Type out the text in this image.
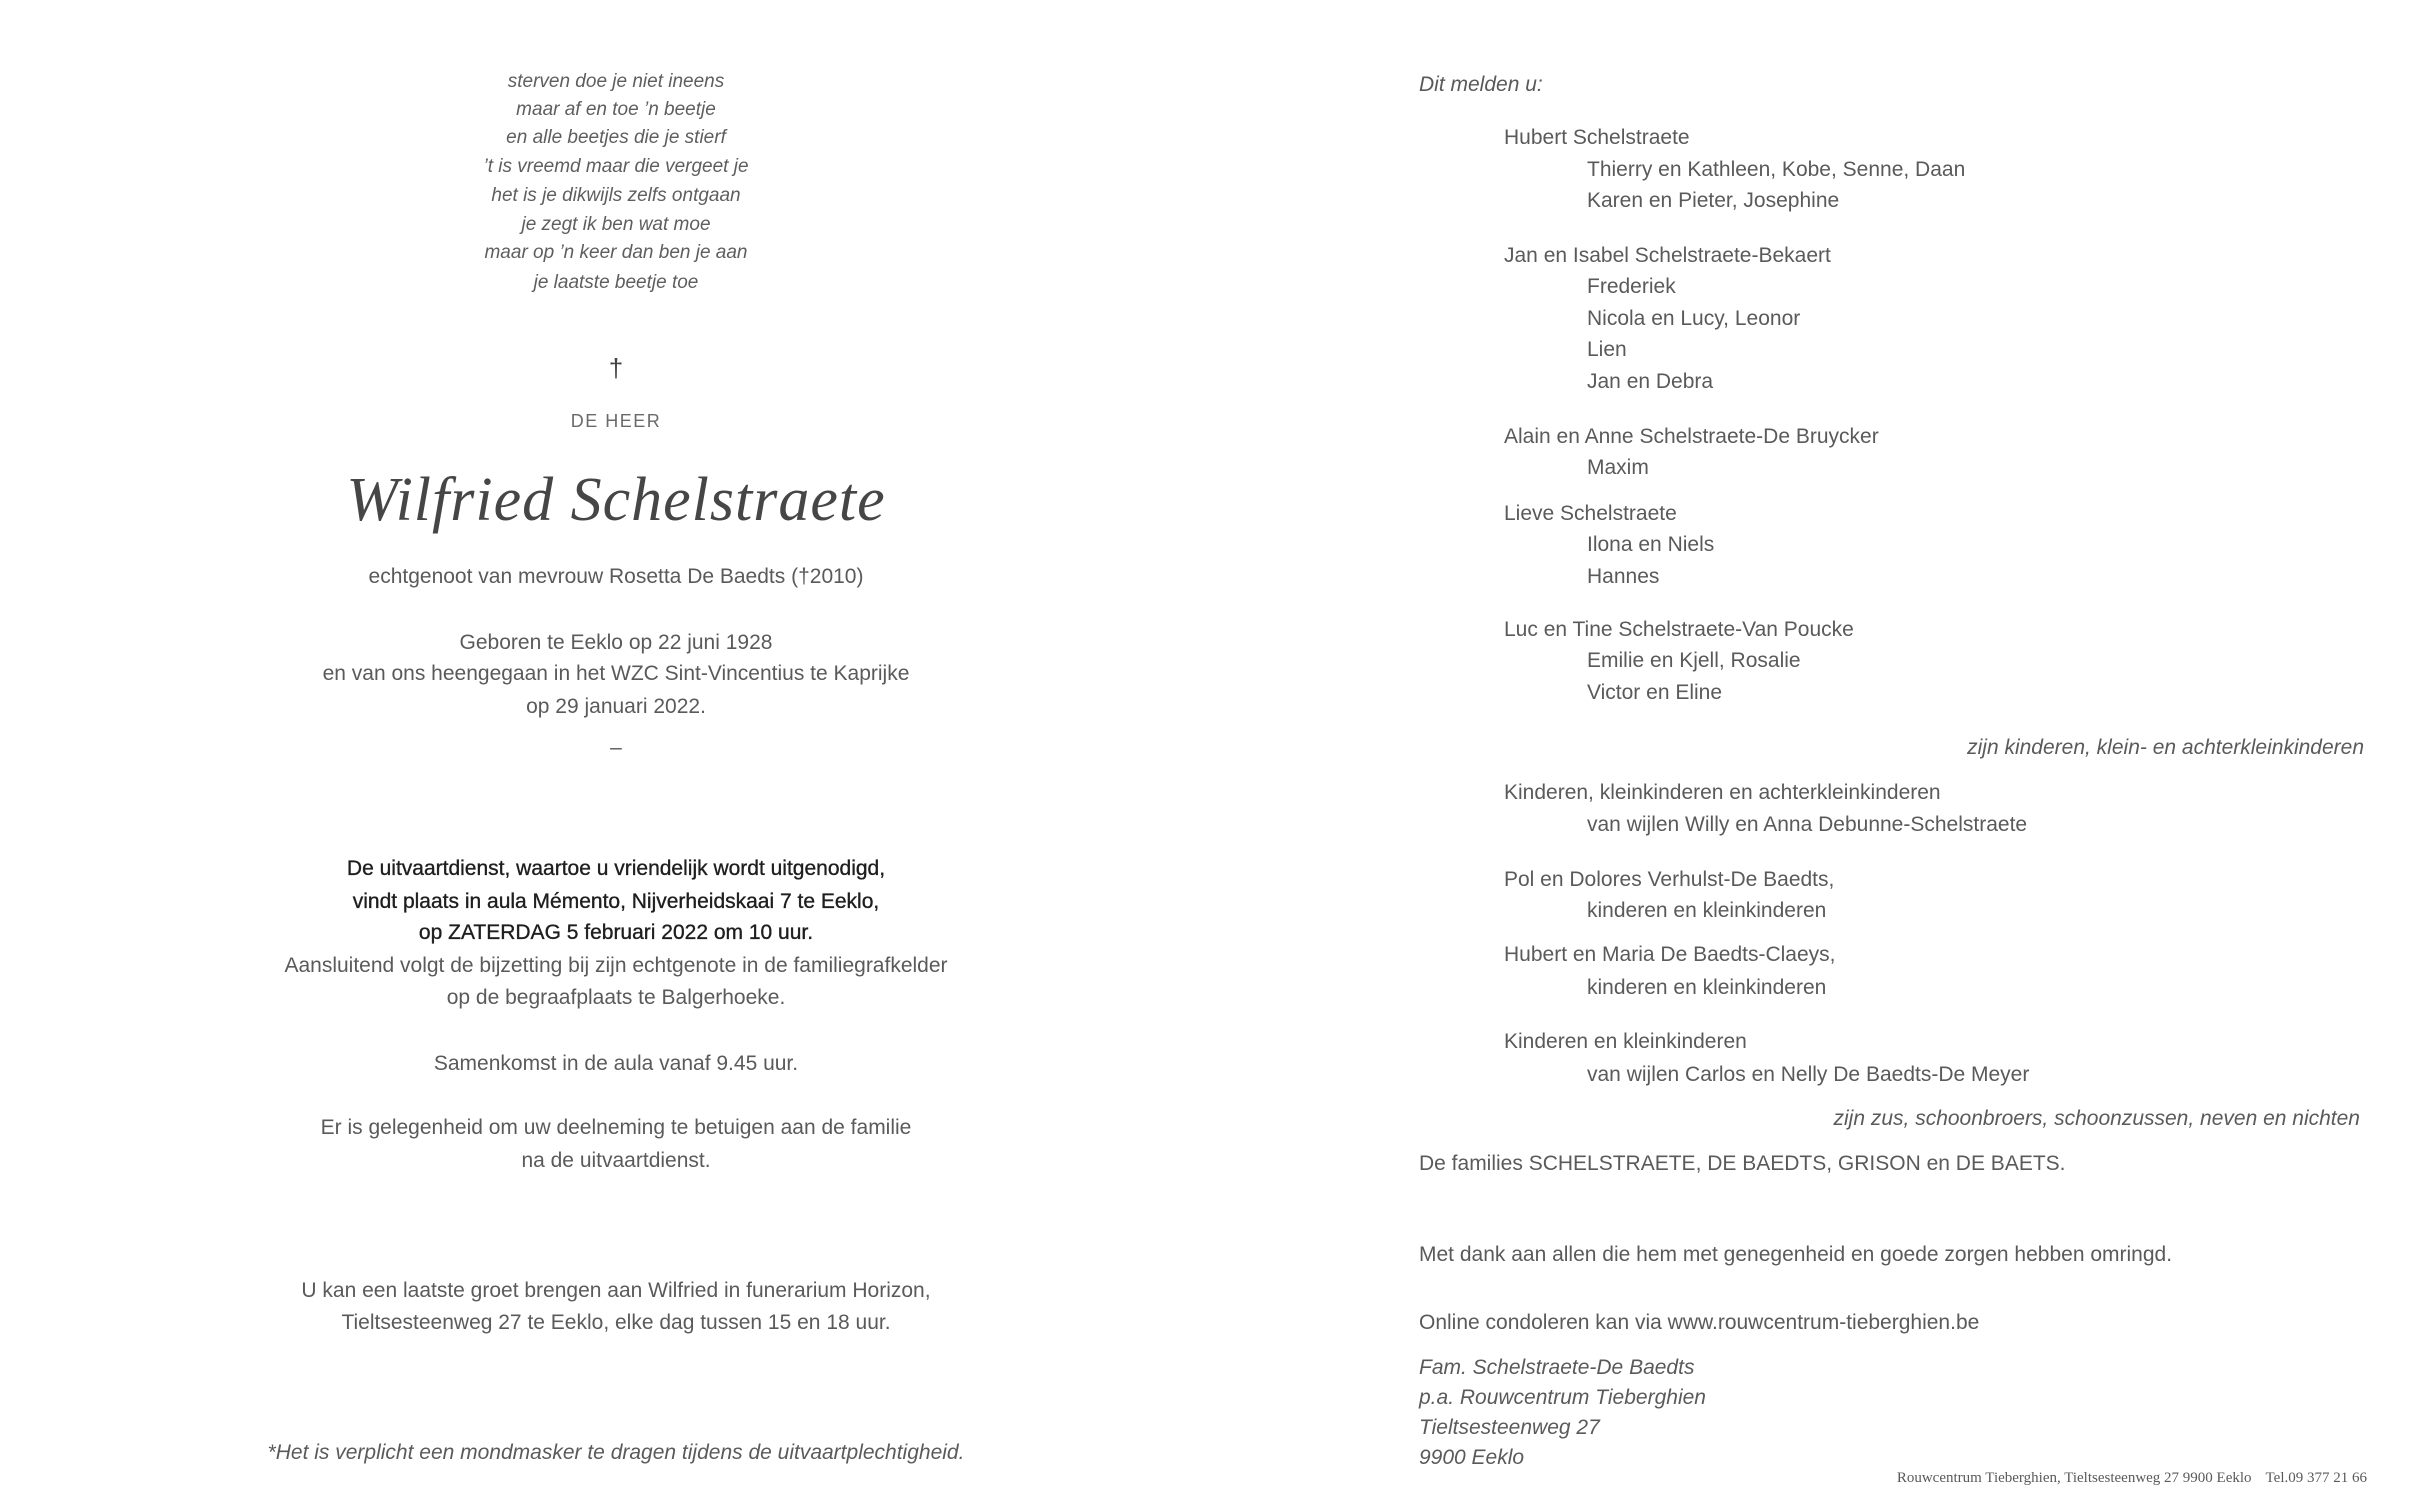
sterven doe je niet ineens
maar af en toe ’n beetje
en alle beetjes die je stierf
’t is vreemd maar die vergeet je
het is je dikwijls zelfs ontgaan
je zegt ik ben wat moe
maar op ’n keer dan ben je aan
je laatste beetje toe
†
DE HEER
Wilfried Schelstraete
echtgenoot van mevrouw Rosetta De Baedts (†2010)
Geboren te Eeklo op 22 juni 1928
en van ons heengegaan in het WZC Sint-Vincentius te Kaprijke
op 29 januari 2022.
–
De uitvaartdienst, waartoe u vriendelijk wordt uitgenodigd,
vindt plaats in aula Mémento, Nijverheidskaai 7 te Eeklo,
op ZATERDAG 5 februari 2022 om 10 uur.
Aansluitend volgt de bijzetting bij zijn echtgenote in de familiegrafkelder
op de begraafplaats te Balgerhoeke.
Samenkomst in de aula vanaf 9.45 uur.
Er is gelegenheid om uw deelneming te betuigen aan de familie
na de uitvaartdienst.
U kan een laatste groet brengen aan Wilfried in funerarium Horizon,
Tieltsesteenweg 27 te Eeklo, elke dag tussen 15 en 18 uur.
*Het is verplicht een mondmasker te dragen tijdens de uitvaartplechtigheid.
Dit melden u:
Hubert Schelstraete
Thierry en Kathleen, Kobe, Senne, Daan
Karen en Pieter, Josephine
Jan en Isabel Schelstraete-Bekaert
Frederiek
Nicola en Lucy, Leonor
Lien
Jan en Debra
Alain en Anne Schelstraete-De Bruycker
Maxim
Lieve Schelstraete
Ilona en Niels
Hannes
Luc en Tine Schelstraete-Van Poucke
Emilie en Kjell, Rosalie
Victor en Eline
zijn kinderen, klein- en achterkleinkinderen
Kinderen, kleinkinderen en achterkleinkinderen
van wijlen Willy en Anna Debunne-Schelstraete
Pol en Dolores Verhulst-De Baedts,
kinderen en kleinkinderen
Hubert en Maria De Baedts-Claeys,
kinderen en kleinkinderen
Kinderen en kleinkinderen
van wijlen Carlos en Nelly De Baedts-De Meyer
zijn zus, schoonbroers, schoonzussen, neven en nichten
De families SCHELSTRAETE, DE BAEDTS, GRISON en DE BAETS.
Met dank aan allen die hem met genegenheid en goede zorgen hebben omringd.
Online condoleren kan via www.rouwcentrum-tieberghien.be
Fam. Schelstraete-De Baedts
p.a. Rouwcentrum Tieberghien
Tieltsesteenweg 27
9900 Eeklo
Rouwcentrum Tieberghien, Tieltsesteenweg 27 9900 Eeklo Tel.09 377 21 66
